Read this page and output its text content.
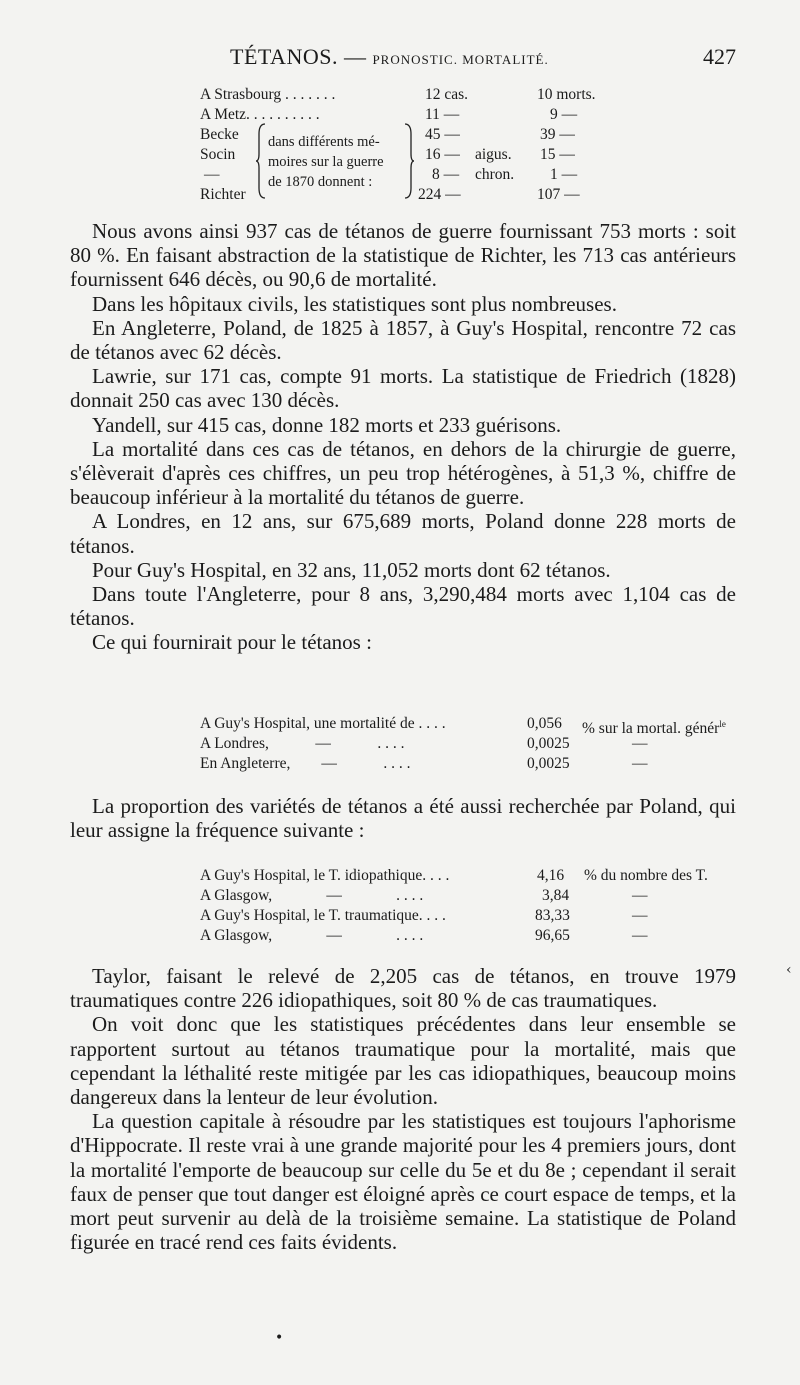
TÉTANOS. — PRONOSTIC. MORTALITÉ.	427
A Strasbourg . . . . . . .	12 cas.	10 morts.
A Metz. . . . . . . . . .	11 —	9 —
Becke	45 —	39 —
Socin	16 — aigus. 15 —
—	8 — chron. 1 —
Richter	224 —	107 —
dans différents mé-
moires sur la guerre
de 1870 donnent :

Nous avons ainsi 937 cas de tétanos de guerre fournissant 753 morts : soit 80 %. En faisant abstraction de la statistique de Richter, les 713 cas antérieurs fournissent 646 décès, ou 90,6 de mortalité.

Dans les hôpitaux civils, les statistiques sont plus nombreuses.

En Angleterre, Poland, de 1825 à 1857, à Guy's Hospital, rencontre 72 cas de tétanos avec 62 décès.

Lawrie, sur 171 cas, compte 91 morts. La statistique de Friedrich (1828) donnait 250 cas avec 130 décès.

Yandell, sur 415 cas, donne 182 morts et 233 guérisons.

La mortalité dans ces cas de tétanos, en dehors de la chirurgie de guerre, s'élèverait d'après ces chiffres, un peu trop hétérogènes, à 51,3 %, chiffre de beaucoup inférieur à la mortalité du tétanos de guerre.

A Londres, en 12 ans, sur 675,689 morts, Poland donne 228 morts de tétanos.

Pour Guy's Hospital, en 32 ans, 11,052 morts dont 62 tétanos.

Dans toute l'Angleterre, pour 8 ans, 3,290,484 morts avec 1,104 cas de tétanos.

Ce qui fournirait pour le tétanos :

A Guy's Hospital, une mortalité de . . . .	0,056 % sur la mortal. génér$^{le}$
A Londres,            —            . . . .	0,0025	—
En Angleterre,        —            . . . .	0,0025	—

La proportion des variétés de tétanos a été aussi recherchée par Poland, qui leur assigne la fréquence suivante :

A Guy's Hospital, le T. idiopathique. . . .	4,16 % du nombre des T.
A Glasgow,              —              . . . .	3,84	—
A Guy's Hospital, le T. traumatique. . . .	83,33	—
A Glasgow,              —              . . . .	96,65	—

Taylor, faisant le relevé de 2,205 cas de tétanos, en trouve 1979 traumatiques contre 226 idiopathiques, soit 80 % de cas traumatiques.

On voit donc que les statistiques précédentes dans leur ensemble se rapportent surtout au tétanos traumatique pour la mortalité, mais que cependant la léthalité reste mitigée par les cas idiopathiques, beaucoup moins dangereux dans la lenteur de leur évolution.

La question capitale à résoudre par les statistiques est toujours l'aphorisme d'Hippocrate. Il reste vrai à une grande majorité pour les 4 premiers jours, dont la mortalité l'emporte de beaucoup sur celle du 5e et du 8e ; cependant il serait faux de penser que tout danger est éloigné après ce court espace de temps, et la mort peut survenir au delà de la troisième semaine. La statistique de Poland figurée en tracé rend ces faits évidents.

•
‹
